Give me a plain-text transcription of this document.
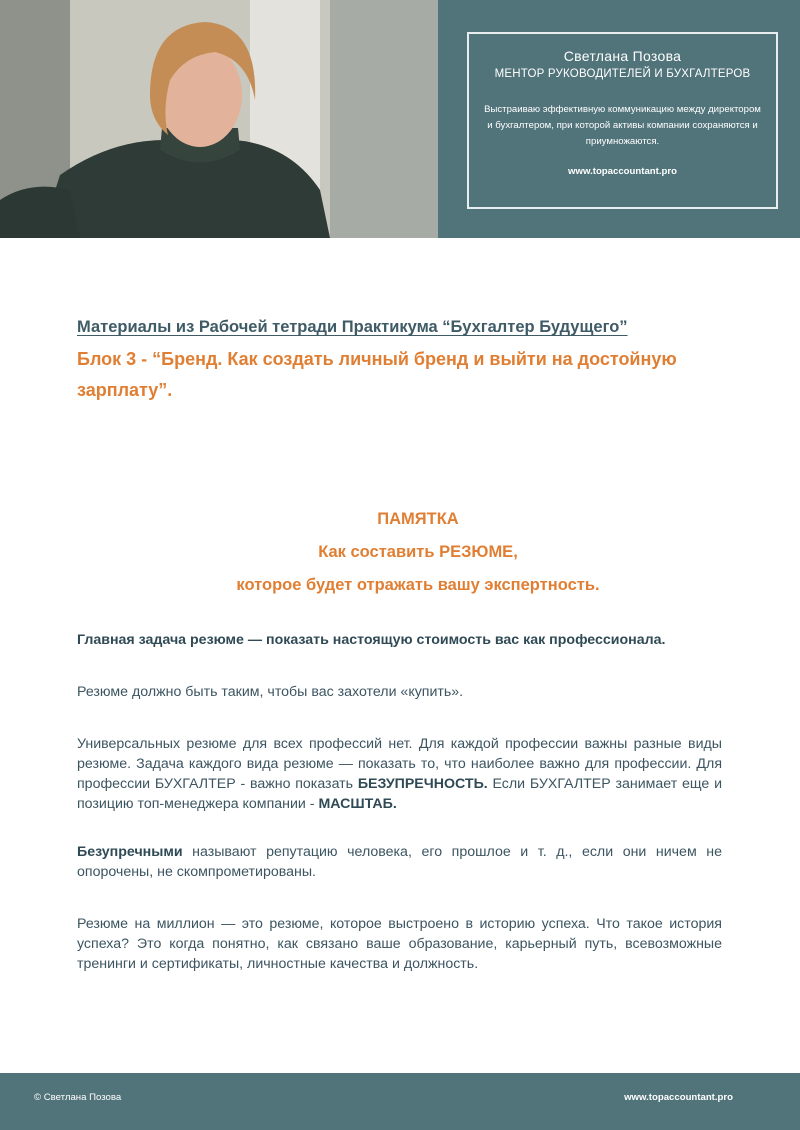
Светлана Позова
МЕНТОР РУКОВОДИТЕЛЕЙ И БУХГАЛТЕРОВ
Выстраиваю эффективную коммуникацию между директором и бухгалтером, при которой активы компании сохраняются и приумножаются.
www.topaccountant.pro
Материалы из Рабочей тетради Практикума “Бухгалтер Будущего”
Блок 3 - “Бренд. Как создать личный бренд и выйти на достойную зарплату”.
ПАМЯТКА
Как составить РЕЗЮМЕ,
которое будет отражать вашу экспертность.

Главная задача резюме — показать настоящую стоимость вас как профессионала.

Резюме должно быть таким, чтобы вас захотели «купить».

Универсальных резюме для всех профессий нет. Для каждой профессии важны разные виды резюме. Задача каждого вида резюме — показать то, что наиболее важно для профессии. Для профессии БУХГАЛТЕР - важно показать БЕЗУПРЕЧНОСТЬ. Если БУХГАЛТЕР занимает еще и позицию топ-менеджера компании - МАСШТАБ.

Безупречными называют репутацию человека, его прошлое и т. д., если они ничем не опорочены, не скомпрометированы.

Резюме на миллион — это резюме, которое выстроено в историю успеха. Что такое история успеха? Это когда понятно, как связано ваше образование, карьерный путь, всевозможные тренинги и сертификаты, личностные качества и должность.

© Светлана Позова	www.topaccountant.pro
